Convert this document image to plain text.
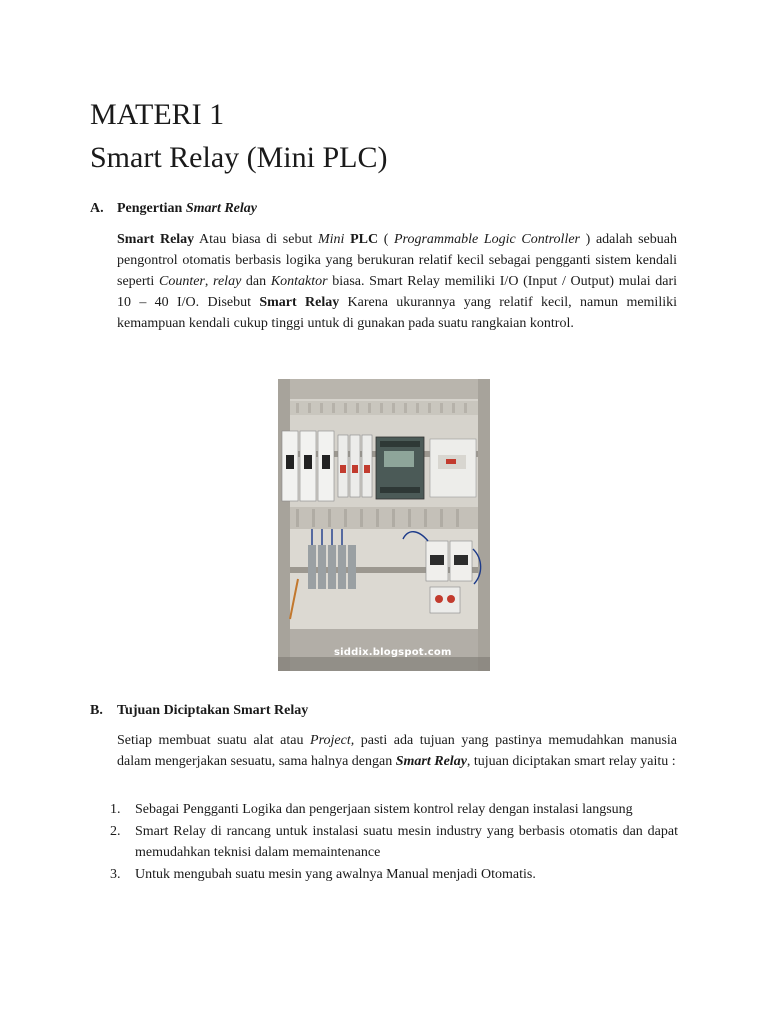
MATERI 1
Smart Relay (Mini PLC)
A. Pengertian Smart Relay

Smart Relay Atau biasa di sebut Mini PLC ( Programmable Logic Controller ) adalah sebuah pengontrol otomatis berbasis logika yang berukuran relatif kecil sebagai pengganti sistem kendali seperti Counter, relay dan Kontaktor biasa. Smart Relay memiliki I/O (Input / Output) mulai dari 10 – 40 I/O. Disebut Smart Relay Karena ukurannya yang relatif kecil, namun memiliki kemampuan kendali cukup tinggi untuk di gunakan pada suatu rangkaian kontrol.

siddix.blogspot.com
B. Tujuan Diciptakan Smart Relay

Setiap membuat suatu alat atau Project, pasti ada tujuan yang pastinya memudahkan manusia dalam mengerjakan sesuatu, sama halnya dengan Smart Relay, tujuan diciptakan smart relay yaitu :

1. Sebagai Pengganti Logika dan pengerjaan sistem kontrol relay dengan instalasi langsung
2. Smart Relay di rancang untuk instalasi suatu mesin industry yang berbasis otomatis dan dapat memudahkan teknisi dalam memaintenance
3. Untuk mengubah suatu mesin yang awalnya Manual menjadi Otomatis.
